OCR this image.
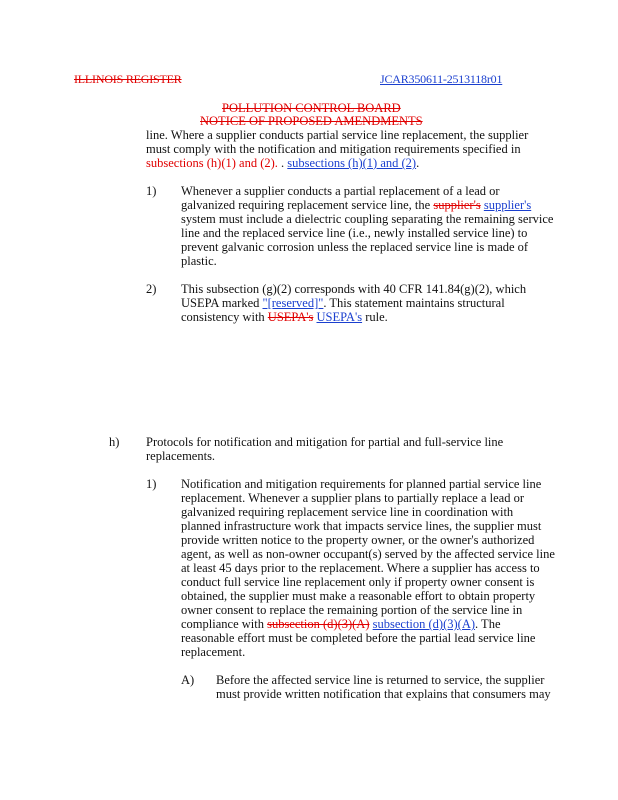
ILLINOIS REGISTER	JCAR350611-2513118r01
POLLUTION CONTROL BOARD
NOTICE OF PROPOSED AMENDMENTS
line. Where a supplier conducts partial service line replacement, the supplier
must comply with the notification and mitigation requirements specified in
subsections (h)(1) and (2). . subsections (h)(1) and (2).
1) Whenever a supplier conducts a partial replacement of a lead or
galvanized requiring replacement service line, the supplier's supplier's
system must include a dielectric coupling separating the remaining service
line and the replaced service line (i.e., newly installed service line) to
prevent galvanic corrosion unless the replaced service line is made of
plastic.
2) This subsection (g)(2) corresponds with 40 CFR 141.84(g)(2), which
USEPA marked "[reserved]". This statement maintains structural
consistency with USEPA's USEPA's rule.
h) Protocols for notification and mitigation for partial and full-service line
replacements.
1) Notification and mitigation requirements for planned partial service line
replacement. Whenever a supplier plans to partially replace a lead or
galvanized requiring replacement service line in coordination with
planned infrastructure work that impacts service lines, the supplier must
provide written notice to the property owner, or the owner's authorized
agent, as well as non-owner occupant(s) served by the affected service line
at least 45 days prior to the replacement. Where a supplier has access to
conduct full service line replacement only if property owner consent is
obtained, the supplier must make a reasonable effort to obtain property
owner consent to replace the remaining portion of the service line in
compliance with subsection (d)(3)(A) subsection (d)(3)(A). The
reasonable effort must be completed before the partial lead service line
replacement.
A) Before the affected service line is returned to service, the supplier
must provide written notification that explains that consumers may
